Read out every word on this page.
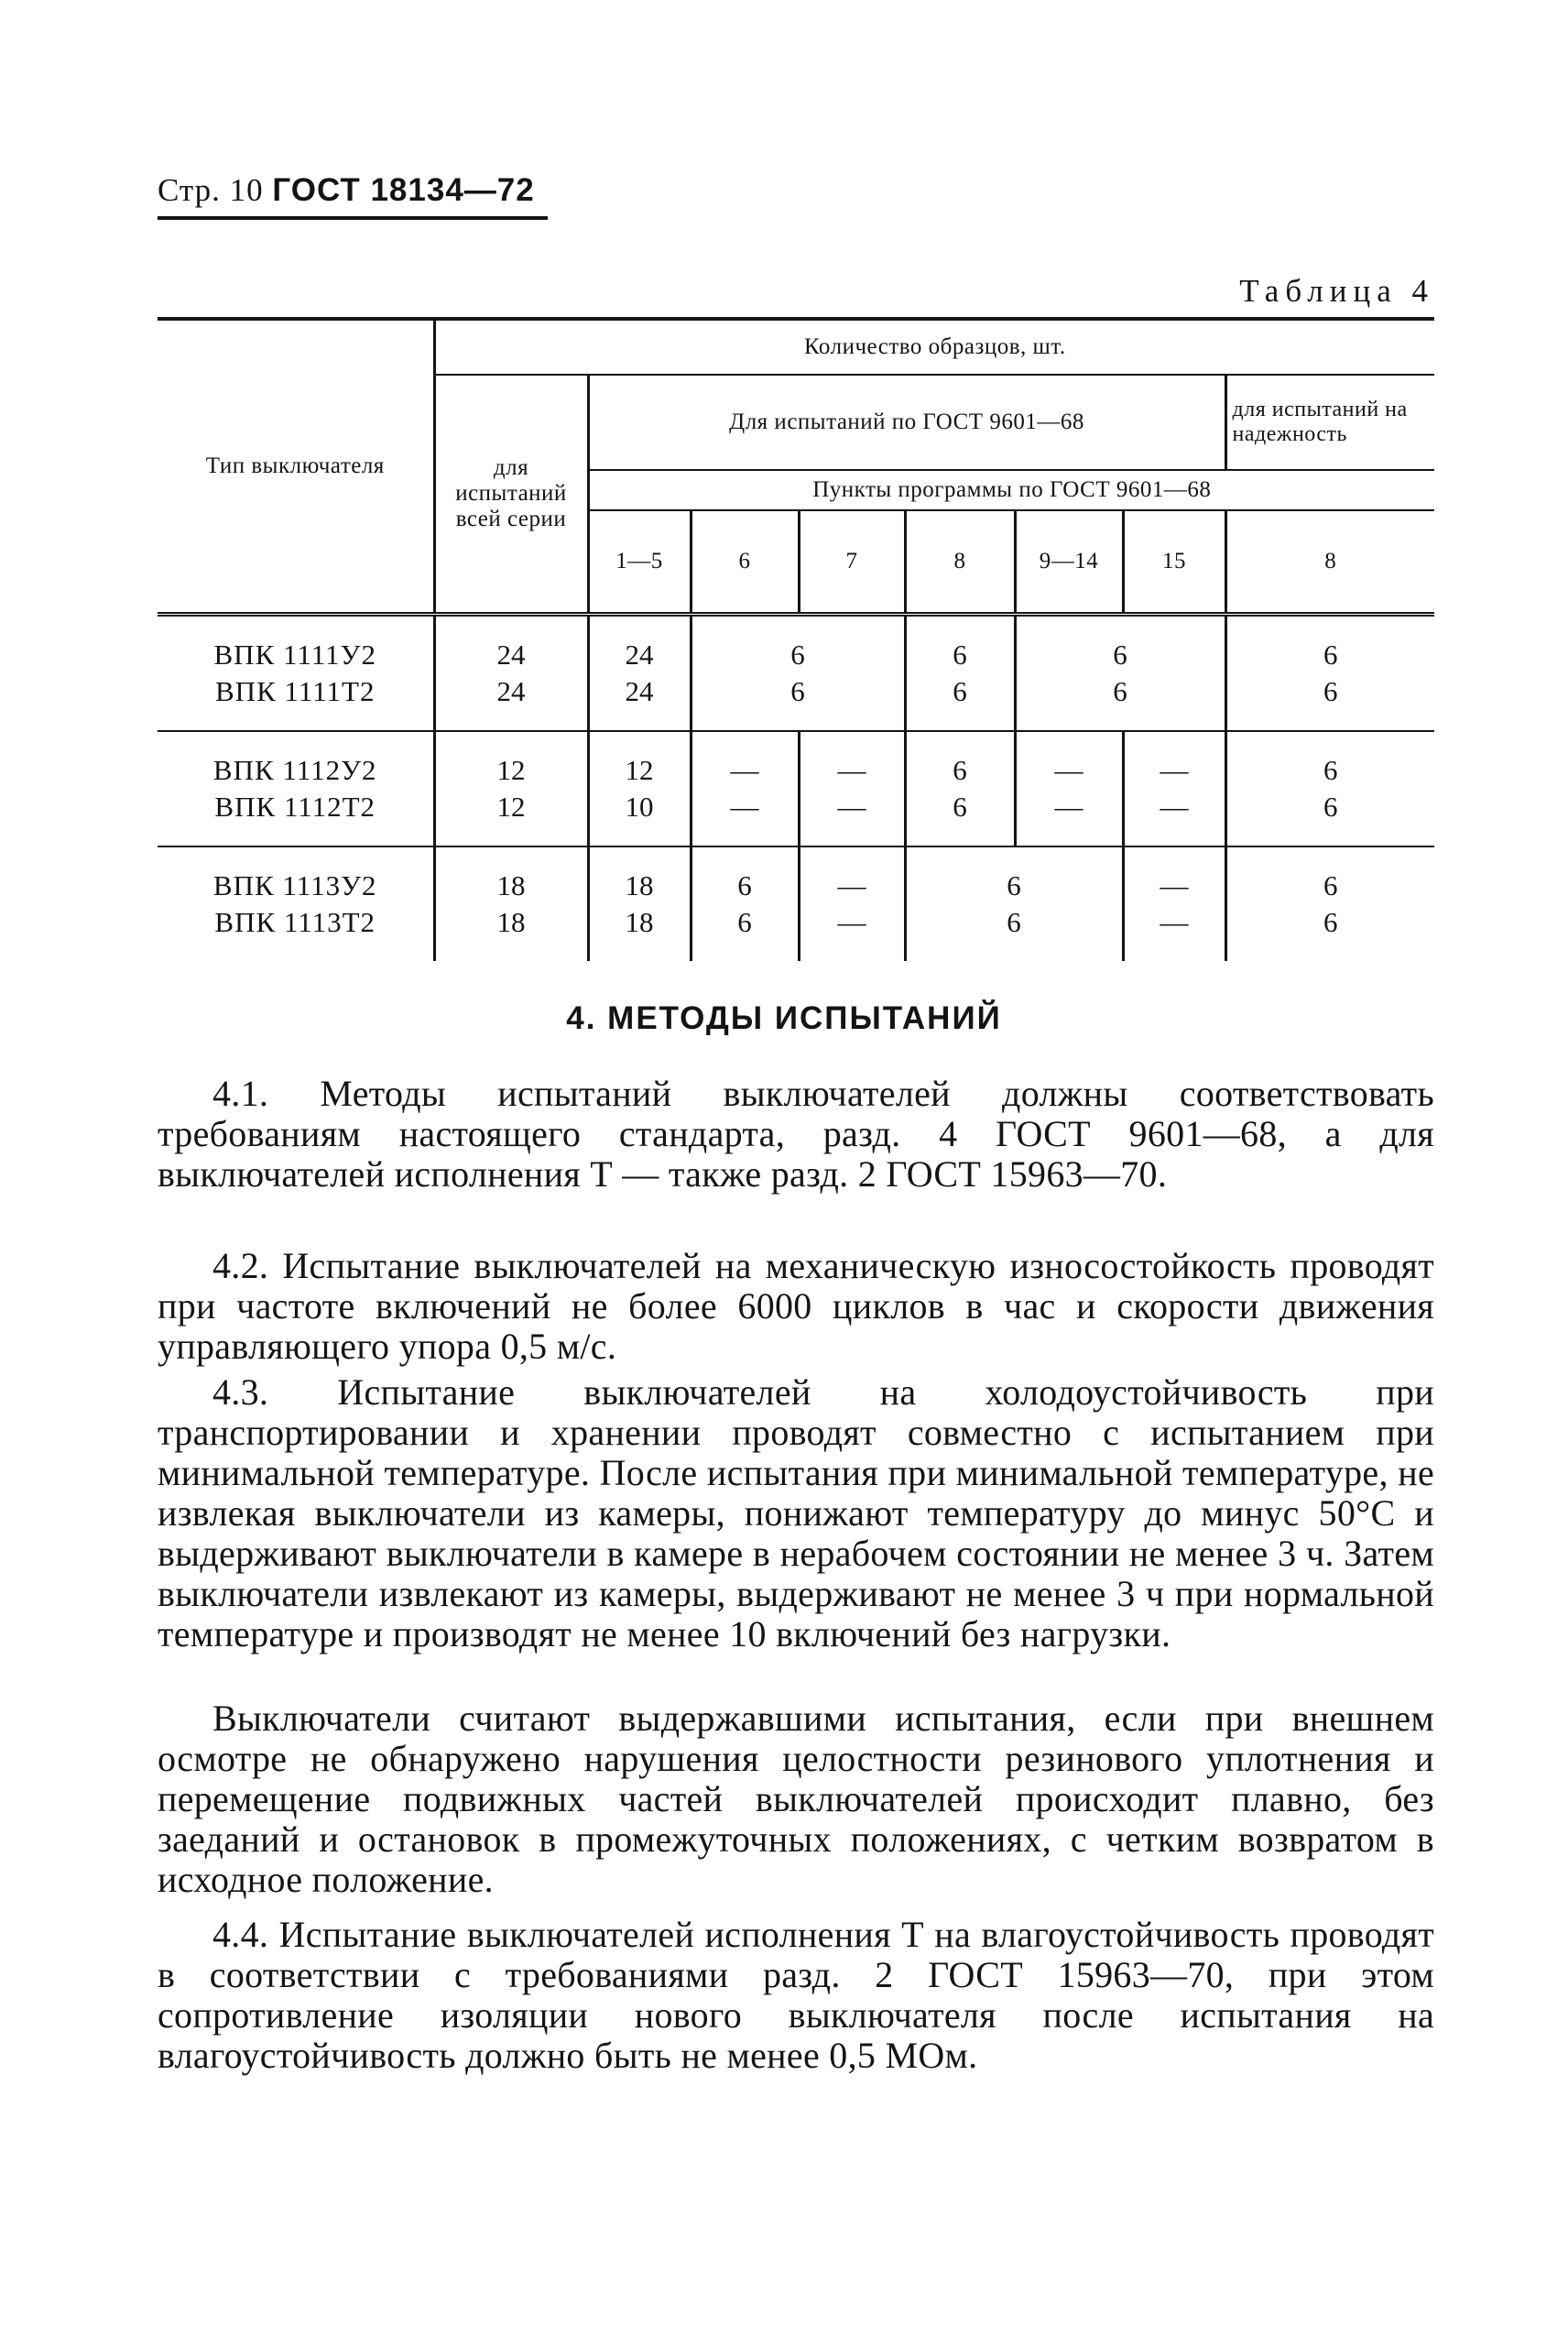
Стр. 10 ГОСТ 18134—72
Таблица 4
Тип выключателя	Количество образцов, шт.							
	для испытаний всей серии	Для испытаний по ГОСТ 9601—68						для испытаний на надежность
		Пункты программы по ГОСТ 9601—68						
		1—5	6	7	8	9—14	15	8
ВПК 1111У2	24	24	6		6	6		6
ВПК 1111Т2	24	24	6		6	6		6
ВПК 1112У2	12	12	—	—	6	—	—	6
ВПК 1112Т2	12	10	—	—	6	—	—	6
ВПК 1113У2	18	18	6	—	6		—	6
ВПК 1113Т2	18	18	6	—	6		—	6
4. МЕТОДЫ ИСПЫТАНИЙ

4.1. Методы испытаний выключателей должны соответствовать требованиям настоящего стандарта, разд. 4 ГОСТ 9601—68, а для выключателей исполнения Т — также разд. 2 ГОСТ 15963—70.

4.2. Испытание выключателей на механическую износостойкость проводят при частоте включений не более 6000 циклов в час и скорости движения управляющего упора 0,5 м/с.

4.3. Испытание выключателей на холодоустойчивость при транспортировании и хранении проводят совместно с испытанием при минимальной температуре. После испытания при минимальной температуре, не извлекая выключатели из камеры, понижают температуру до минус 50°С и выдерживают выключатели в камере в нерабочем состоянии не менее 3 ч. Затем выключатели извлекают из камеры, выдерживают не менее 3 ч при нормальной температуре и производят не менее 10 включений без нагрузки.

Выключатели считают выдержавшими испытания, если при внешнем осмотре не обнаружено нарушения целостности резинового уплотнения и перемещение подвижных частей выключателей происходит плавно, без заеданий и остановок в промежуточных положениях, с четким возвратом в исходное положение.

4.4. Испытание выключателей исполнения Т на влагоустойчивость проводят в соответствии с требованиями разд. 2 ГОСТ 15963—70, при этом сопротивление изоляции нового выключателя после испытания на влагоустойчивость должно быть не менее 0,5 МОм.
